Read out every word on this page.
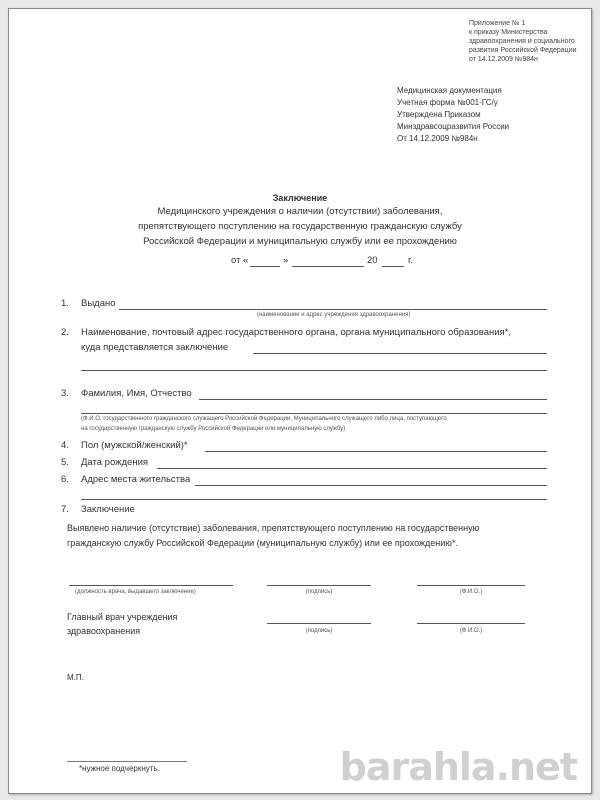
Приложение № 1
к приказу Министерства
здравоохранения и социального
развития Российской Федерации
от 14.12.2009 №984н
Медицинская документация
Учетная форма №001-ГС/у
Утверждена Приказом
Минздравсоцразвития России
От 14.12.2009 №984н
Заключение
Медицинского учреждения о наличии (отсутствии) заболевания,
препятствующего поступлению на государственную гражданскую службу
Российской Федерации и муниципальную службу или ее прохождению
от «	»	20	г.
1. Выдано
(наименование и адрес учреждения здравоохранения)
2. Наименование, почтовый адрес государственного органа, органа муниципального образования*,
куда представляется заключение
3. Фамилия, Имя, Отчество
(Ф.И.О. государственного гражданского служащего Российской Федерации, Муниципального служащего либо лица, поступающего
на государственную гражданскую службу Российской Федерации или муниципальную службу)
4. Пол (мужской/женский)*
5. Дата рождения
6. Адрес места жительства
7. Заключение
Выявлено наличие (отсутствие) заболевания, препятствующего поступлению на государственную
гражданскую службу Российской Федерации (муниципальную службу) или ее прохождению*.
(должность врача, выдавшего заключение)	(подпись)	(Ф.И.О.)
Главный врач учреждения
здравоохранения	(подпись)	(Ф.И.О.)
М.П.
*нужное подчеркнуть.	barahla.net
